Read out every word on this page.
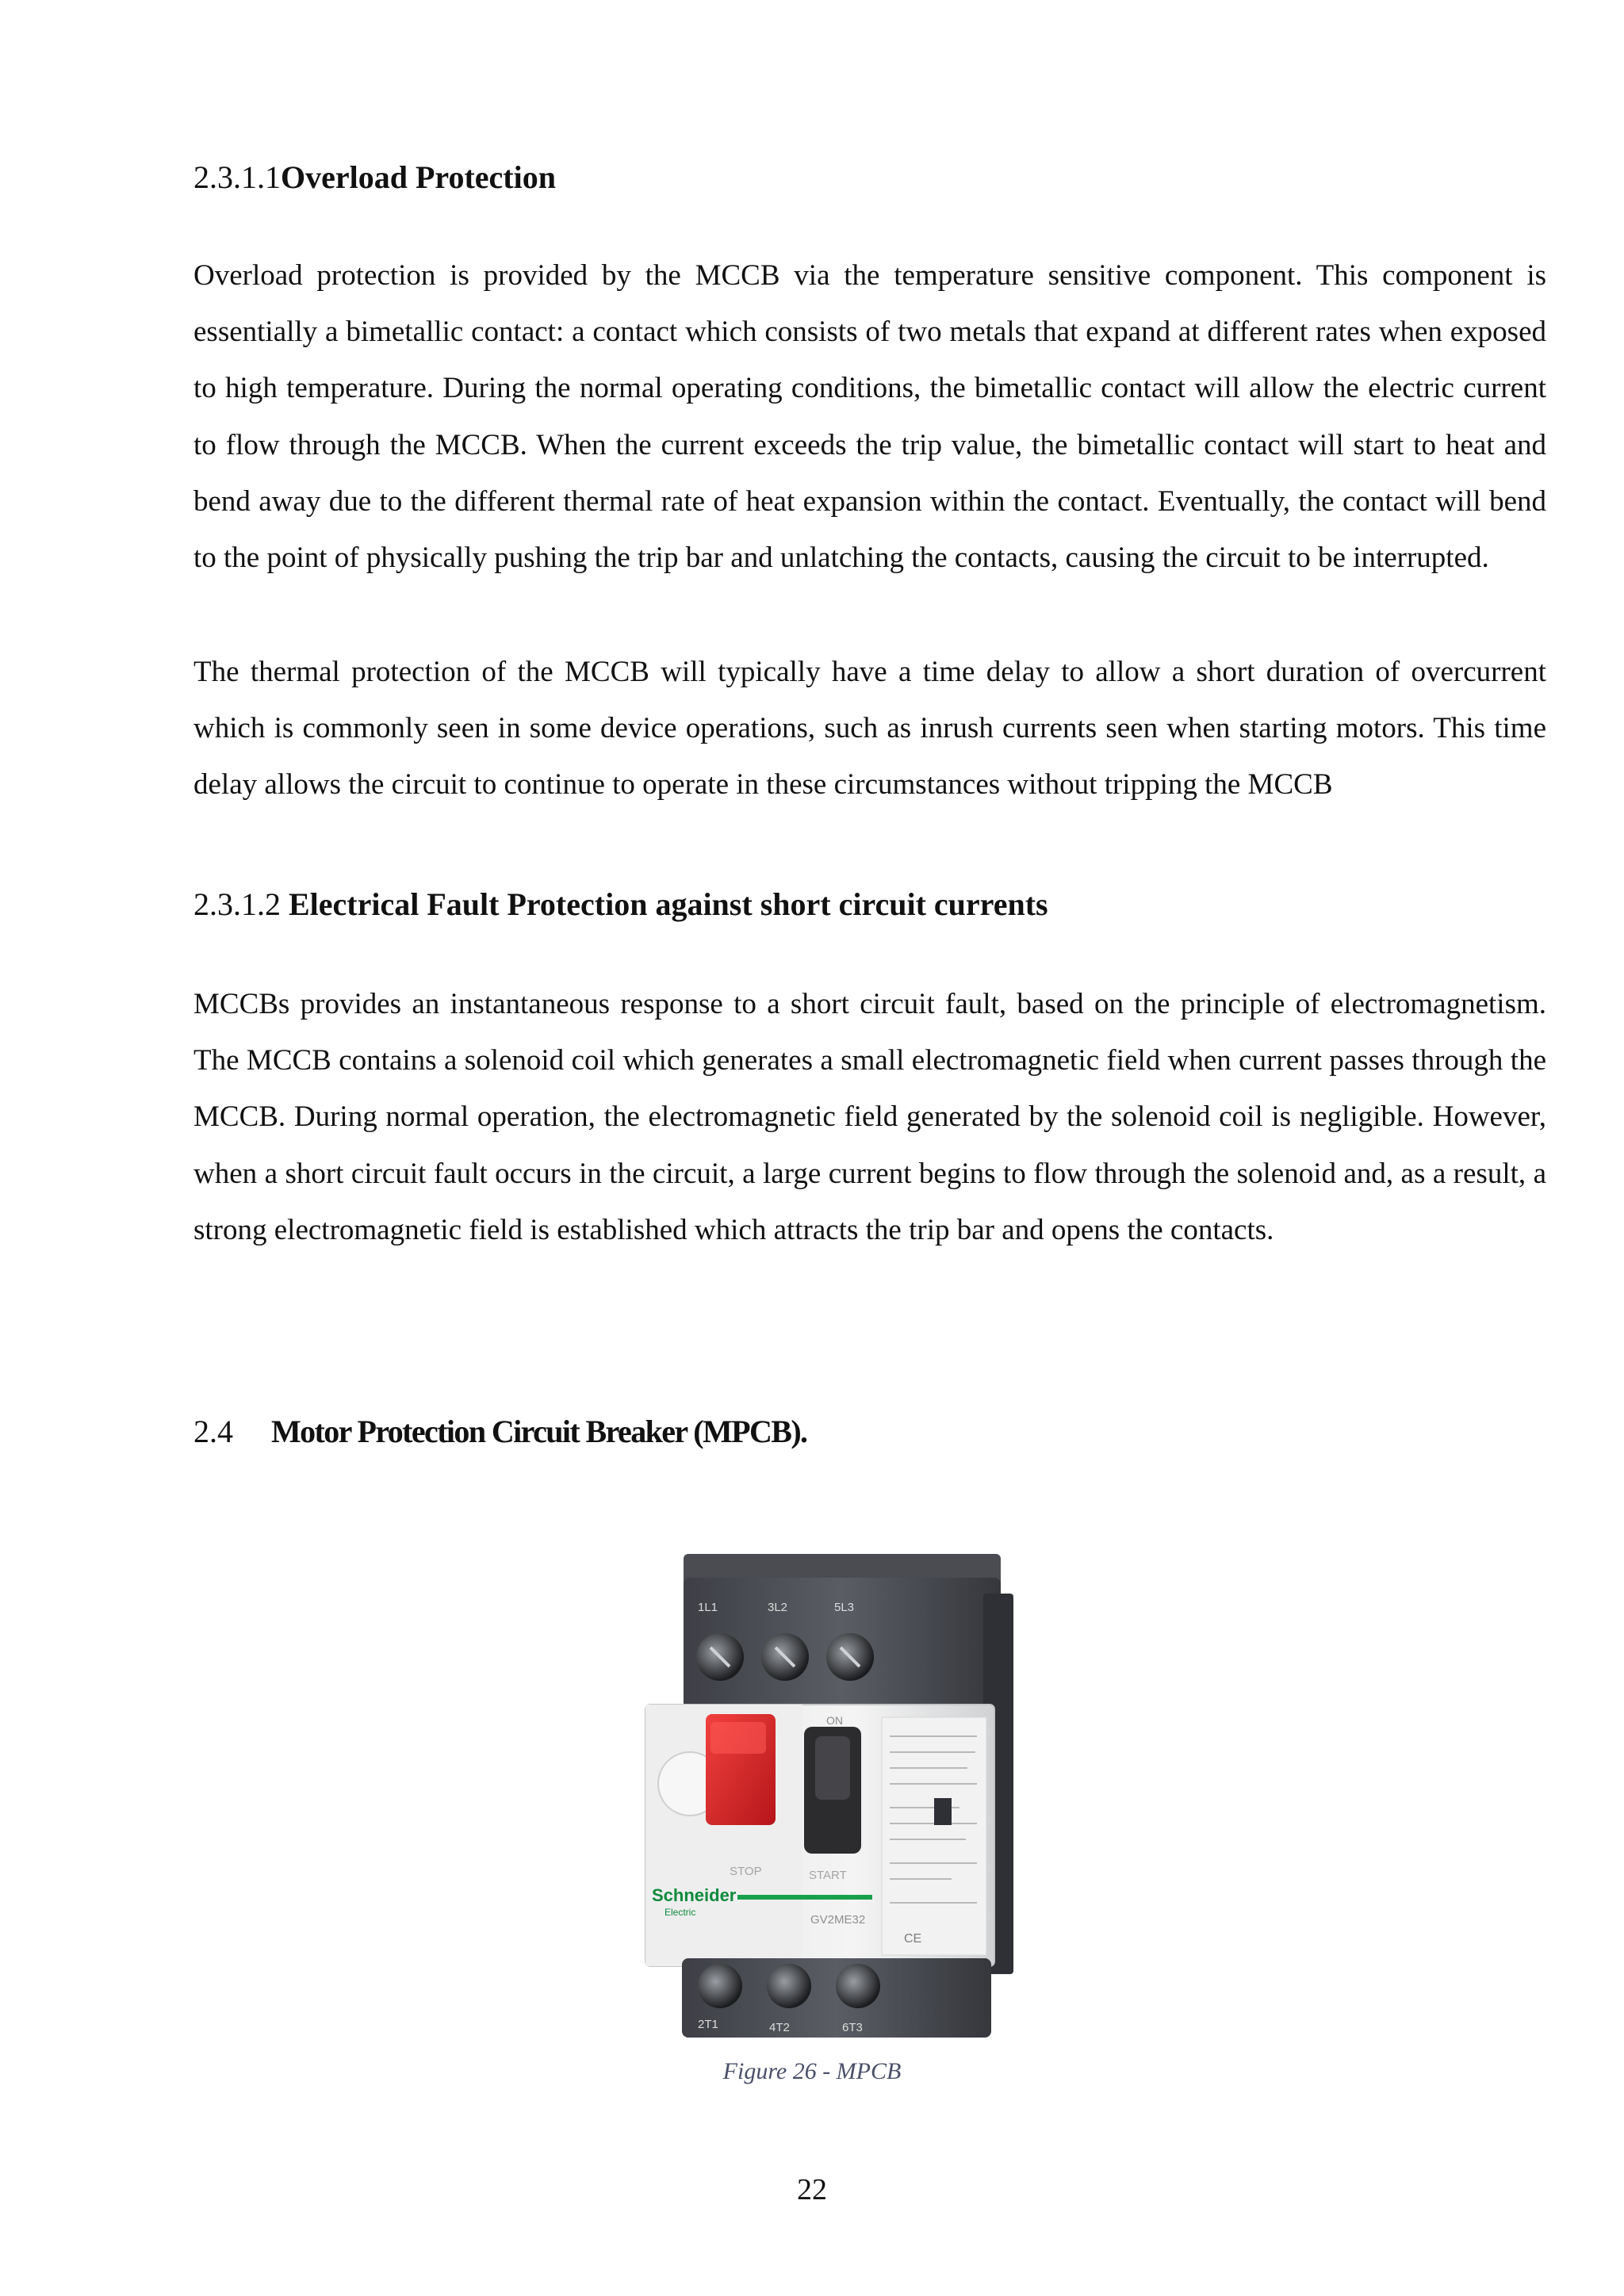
2.3.1.1Overload Protection

Overload protection is provided by the MCCB via the temperature sensitive component. This component is essentially a bimetallic contact: a contact which consists of two metals that expand at different rates when exposed to high temperature. During the normal operating conditions, the bimetallic contact will allow the electric current to flow through the MCCB. When the current exceeds the trip value, the bimetallic contact will start to heat and bend away due to the different thermal rate of heat expansion within the contact. Eventually, the contact will bend to the point of physically pushing the trip bar and unlatching the contacts, causing the circuit to be interrupted.

The thermal protection of the MCCB will typically have a time delay to allow a short duration of overcurrent which is commonly seen in some device operations, such as inrush currents seen when starting motors. This time delay allows the circuit to continue to operate in these circumstances without tripping the MCCB

2.3.1.2 Electrical Fault Protection against short circuit currents

MCCBs provides an instantaneous response to a short circuit fault, based on the principle of electromagnetism. The MCCB contains a solenoid coil which generates a small electromagnetic field when current passes through the MCCB. During normal operation, the electromagnetic field generated by the solenoid coil is negligible. However, when a short circuit fault occurs in the circuit, a large current begins to flow through the solenoid and, as a result, a strong electromagnetic field is established which attracts the trip bar and opens the contacts.

2.4 Motor Protection Circuit Breaker (MPCB).
1L1	3L2	5L3
ON
STOP	START
Schneider
Electric
GV2ME32
CE
2T1	4T2	6T3
Figure 26 - MPCB
22
